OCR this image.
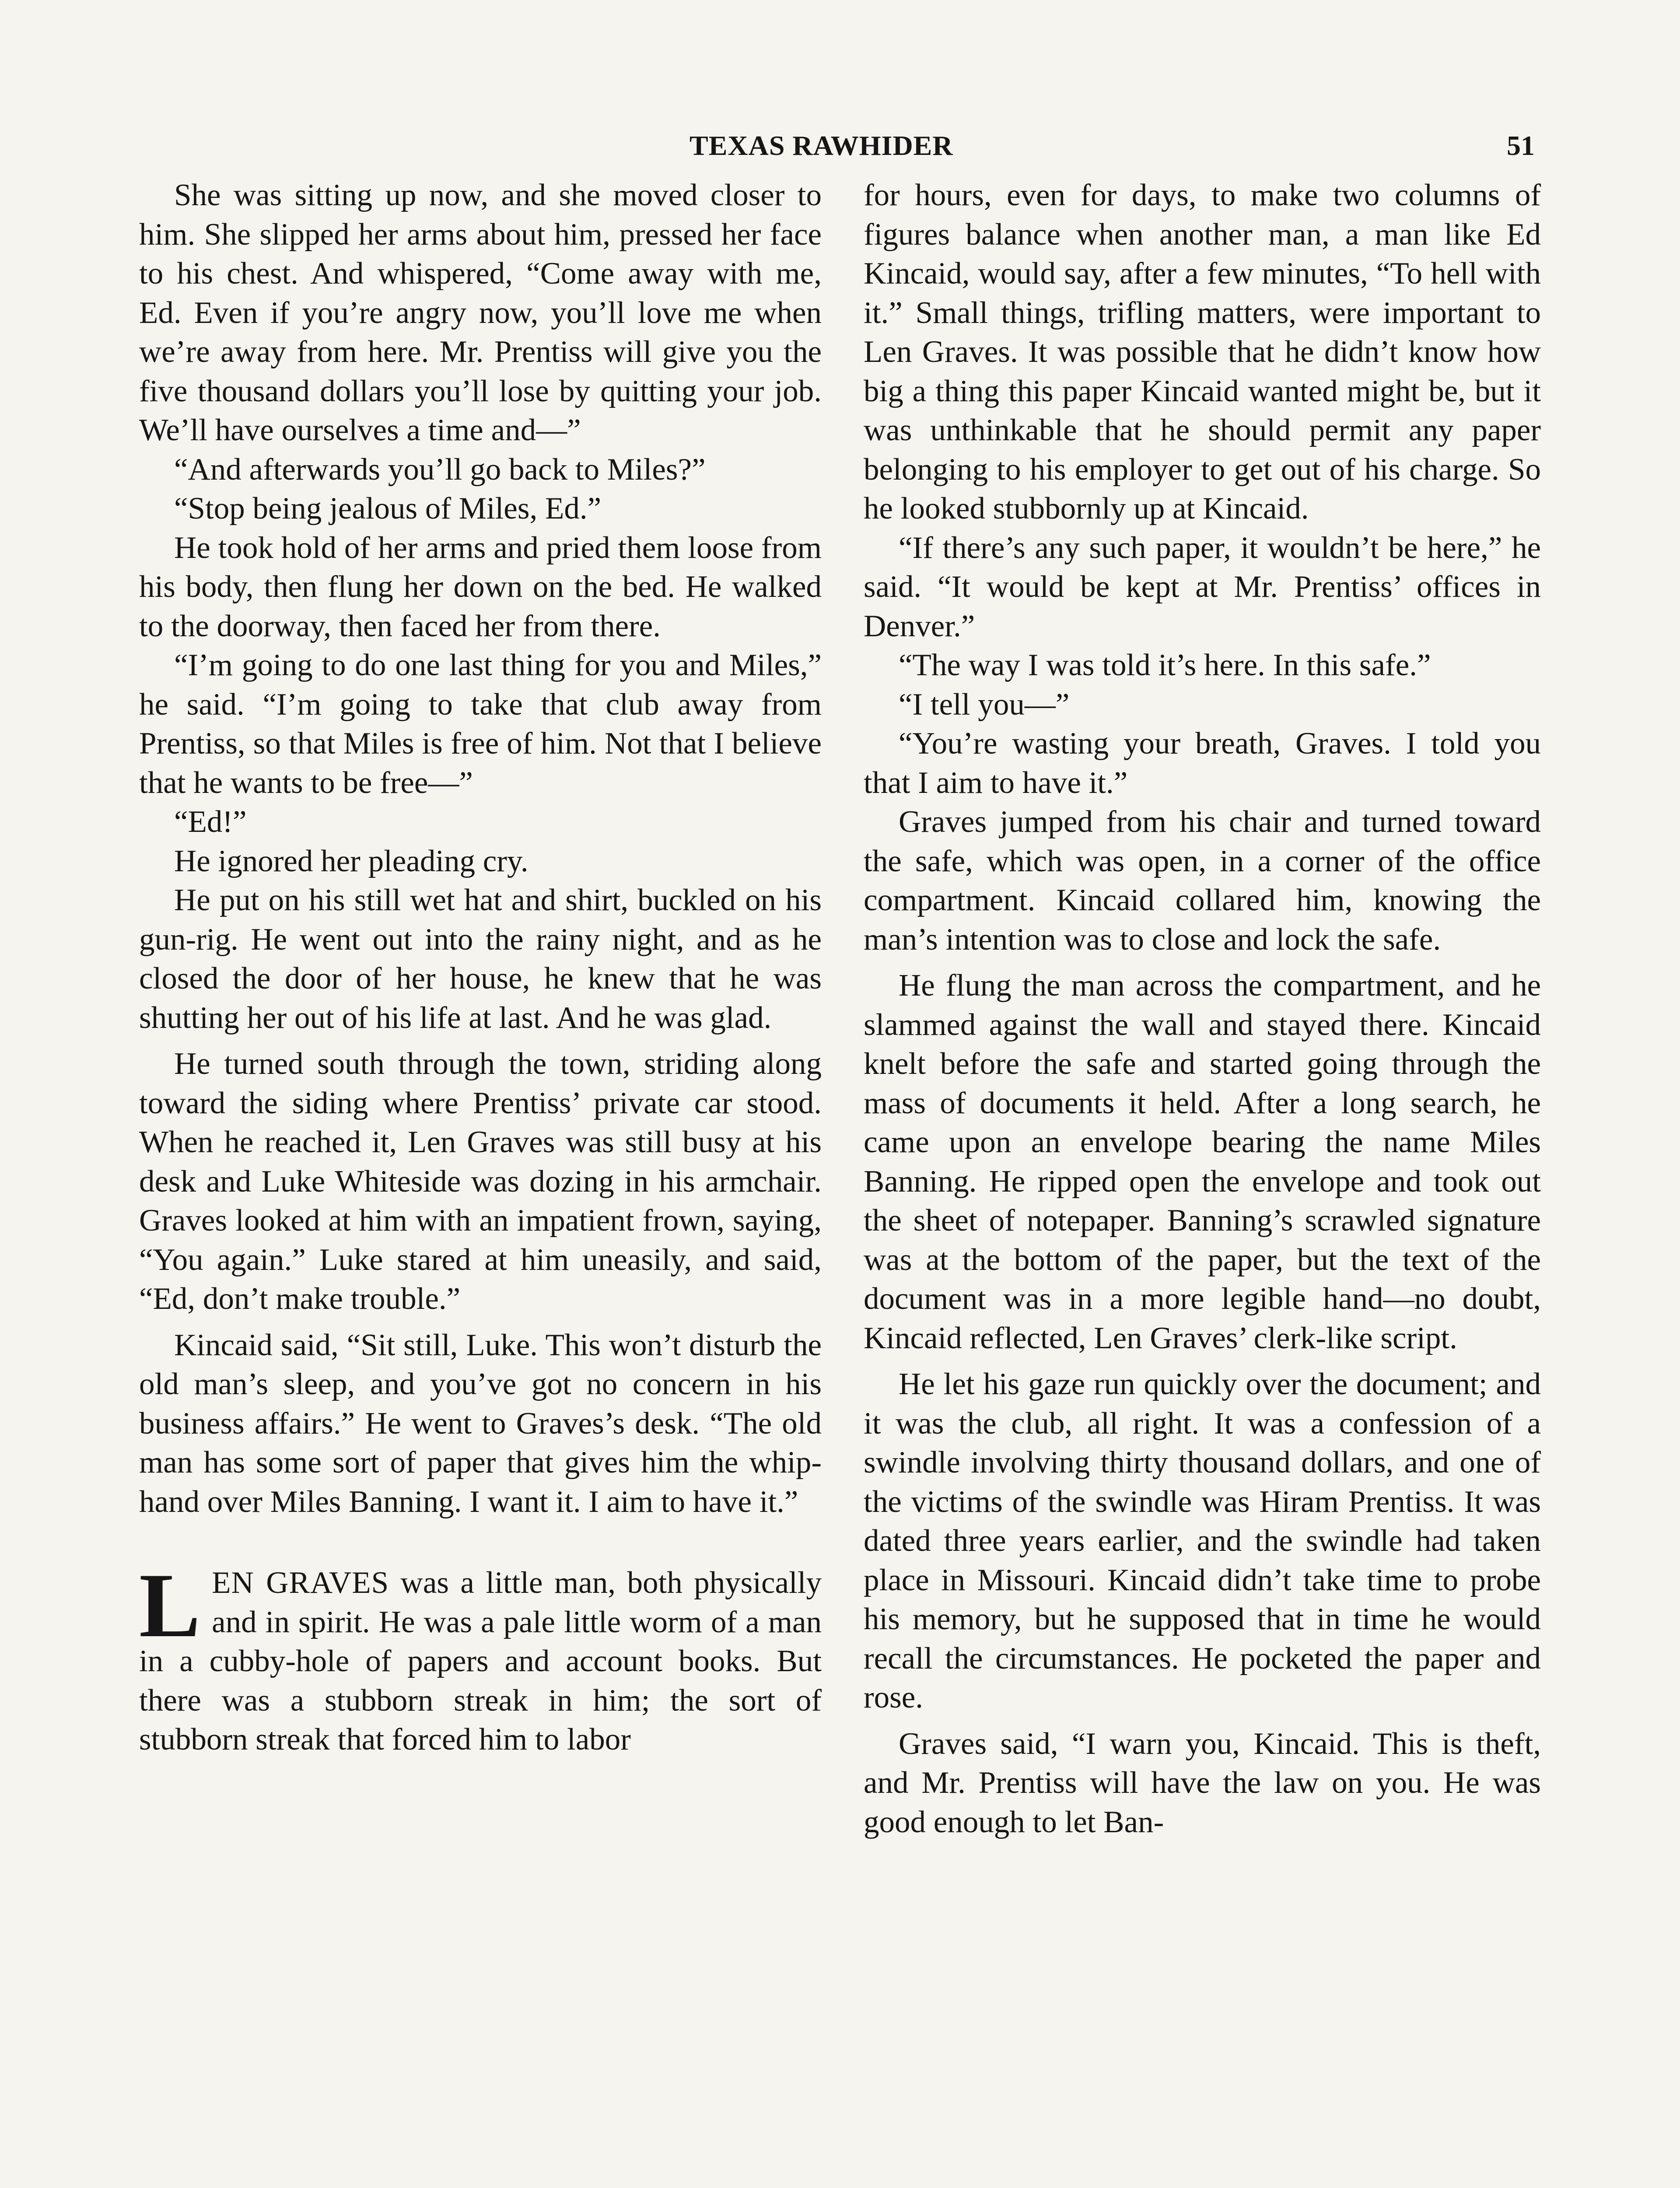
TEXAS RAWHIDER	51

She was sitting up now, and she moved closer to him. She slipped her arms about him, pressed her face to his chest. And whispered, “Come away with me, Ed. Even if you’re angry now, you’ll love me when we’re away from here. Mr. Prentiss will give you the five thousand dollars you’ll lose by quitting your job. We’ll have ourselves a time and—”

“And afterwards you’ll go back to Miles?”

“Stop being jealous of Miles, Ed.”

He took hold of her arms and pried them loose from his body, then flung her down on the bed. He walked to the doorway, then faced her from there.

“I’m going to do one last thing for you and Miles,” he said. “I’m going to take that club away from Prentiss, so that Miles is free of him. Not that I believe that he wants to be free—”

“Ed!”

He ignored her pleading cry.

He put on his still wet hat and shirt, buckled on his gun-rig. He went out into the rainy night, and as he closed the door of her house, he knew that he was shutting her out of his life at last. And he was glad.

He turned south through the town, striding along toward the siding where Prentiss’ private car stood. When he reached it, Len Graves was still busy at his desk and Luke Whiteside was dozing in his armchair. Graves looked at him with an impatient frown, saying, “You again.” Luke stared at him uneasily, and said, “Ed, don’t make trouble.”

Kincaid said, “Sit still, Luke. This won’t disturb the old man’s sleep, and you’ve got no concern in his business affairs.” He went to Graves’s desk. “The old man has some sort of paper that gives him the whip-hand over Miles Banning. I want it. I aim to have it.”

LEN GRAVES was a little man, both physically and in spirit. He was a pale little worm of a man in a cubby-hole of papers and account books. But there was a stubborn streak in him; the sort of stubborn streak that forced him to labor

for hours, even for days, to make two columns of figures balance when another man, a man like Ed Kincaid, would say, after a few minutes, “To hell with it.” Small things, trifling matters, were important to Len Graves. It was possible that he didn’t know how big a thing this paper Kincaid wanted might be, but it was unthinkable that he should permit any paper belonging to his employer to get out of his charge. So he looked stubbornly up at Kincaid.

“If there’s any such paper, it wouldn’t be here,” he said. “It would be kept at Mr. Prentiss’ offices in Denver.”

“The way I was told it’s here. In this safe.”

“I tell you—”

“You’re wasting your breath, Graves. I told you that I aim to have it.”

Graves jumped from his chair and turned toward the safe, which was open, in a corner of the office compartment. Kincaid collared him, knowing the man’s intention was to close and lock the safe.

He flung the man across the compartment, and he slammed against the wall and stayed there. Kincaid knelt before the safe and started going through the mass of documents it held. After a long search, he came upon an envelope bearing the name Miles Banning. He ripped open the envelope and took out the sheet of notepaper. Banning’s scrawled signature was at the bottom of the paper, but the text of the document was in a more legible hand—no doubt, Kincaid reflected, Len Graves’ clerk-like script.

He let his gaze run quickly over the document; and it was the club, all right. It was a confession of a swindle involving thirty thousand dollars, and one of the victims of the swindle was Hiram Prentiss. It was dated three years earlier, and the swindle had taken place in Missouri. Kincaid didn’t take time to probe his memory, but he supposed that in time he would recall the circumstances. He pocketed the paper and rose.

Graves said, “I warn you, Kincaid. This is theft, and Mr. Prentiss will have the law on you. He was good enough to let Ban-
